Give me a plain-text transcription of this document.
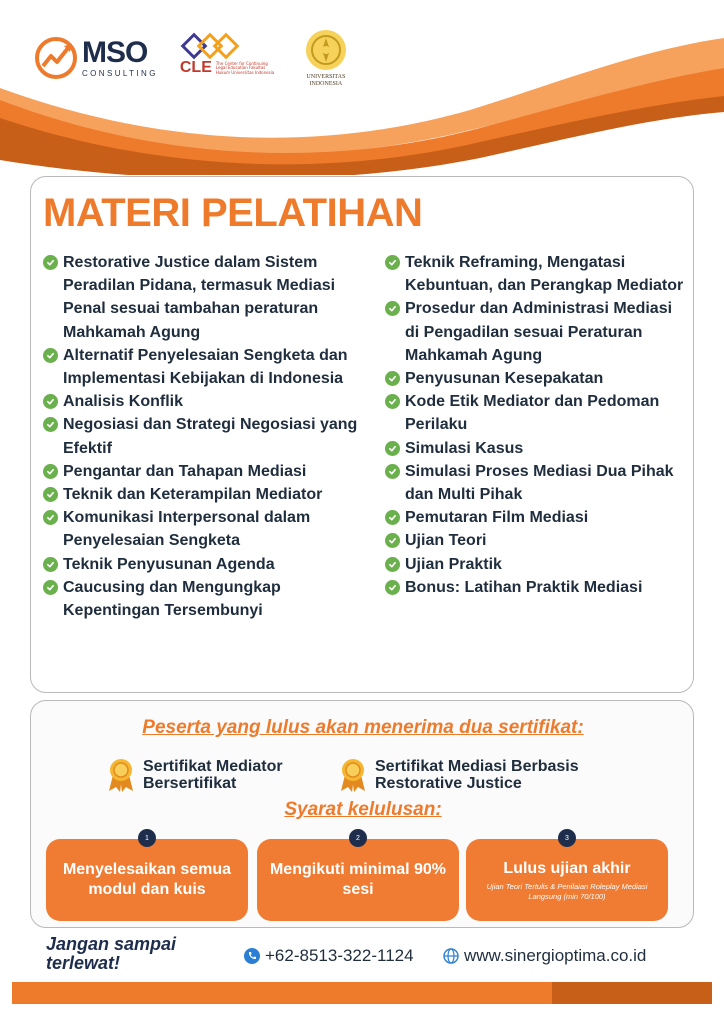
MSO
CONSULTING CLE The Center for Continuing Legal Education Fakultas Hukum Universitas Indonesia
UNIVERSITAS
INDONESIA
MATERI PELATIHAN
Restorative Justice dalam Sistem Peradilan Pidana, termasuk Mediasi Penal sesuai tambahan peraturan Mahkamah Agung
Alternatif Penyelesaian Sengketa dan Implementasi Kebijakan di Indonesia
Analisis Konflik
Negosiasi dan Strategi Negosiasi yang Efektif
Pengantar dan Tahapan Mediasi
Teknik dan Keterampilan Mediator
Komunikasi Interpersonal dalam Penyelesaian Sengketa
Teknik Penyusunan Agenda
Caucusing dan Mengungkap Kepentingan Tersembunyi
Teknik Reframing, Mengatasi Kebuntuan, dan Perangkap Mediator
Prosedur dan Administrasi Mediasi di Pengadilan sesuai Peraturan Mahkamah Agung
Penyusunan Kesepakatan
Kode Etik Mediator dan Pedoman Perilaku
Simulasi Kasus
Simulasi Proses Mediasi Dua Pihak dan Multi Pihak
Pemutaran Film Mediasi
Ujian Teori
Ujian Praktik
Bonus: Latihan Praktik Mediasi
Peserta yang lulus akan menerima dua sertifikat:
Sertifikat Mediator Bersertifikat
Sertifikat Mediasi Berbasis Restorative Justice
Syarat kelulusan:
1
Menyelesaikan semua modul dan kuis
2
Mengikuti minimal 90% sesi
3
Lulus ujian akhir
Ujian Teori Tertulis & Penilaian Roleplay Mediasi Langsung (min 70/100)
Jangan sampai terlewat!	+62-8513-322-1124	www.sinergioptima.co.id
